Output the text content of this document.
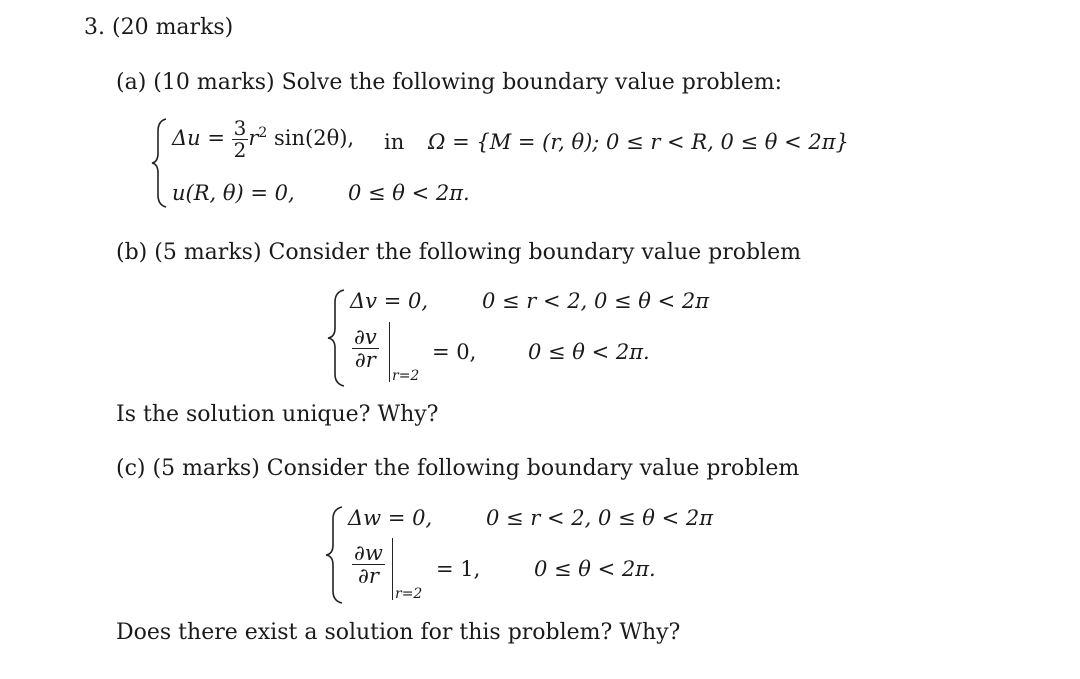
3. (20 marks)
(a) (10 marks) Solve the following boundary value problem:
$\Delta u = \frac{3}{2} r^2$ sin(2θ), in Ω = {M = (r, θ); 0 ≤ r < R, 0 ≤ θ < 2π}
u(R, θ) = 0,	0 ≤ θ < 2π.
(b) (5 marks) Consider the following boundary value problem
Δv = 0,	0 ≤ r < 2, 0 ≤ θ < 2π
$\frac{\partial v}{\partial r}$
r=2
= 0, 0 ≤ θ < 2π.
Is the solution unique? Why?
(c) (5 marks) Consider the following boundary value problem
Δw = 0,	0 ≤ r < 2, 0 ≤ θ < 2π
$\frac{\partial w}{\partial r}$
r=2
= 1,	0 ≤ θ < 2π.
Does there exist a solution for this problem? Why?
